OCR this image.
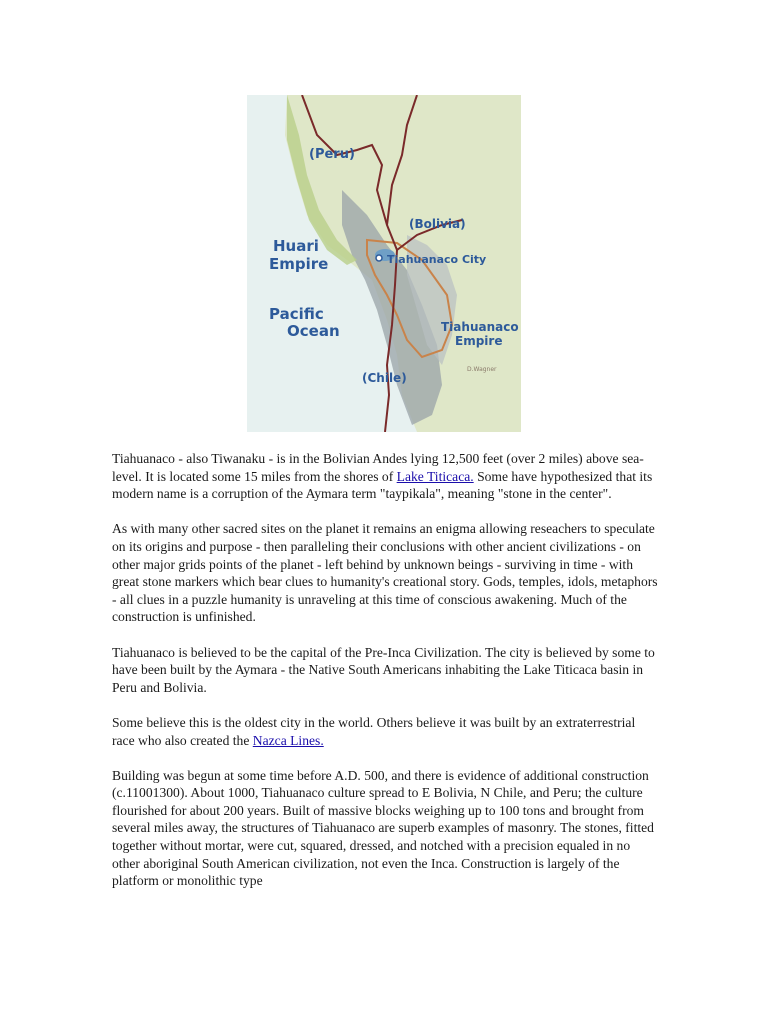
(Peru)
(Bolivia)
Huari
Empire	Tiahuanaco City
Pacific
Ocean	Tiahuanaco
Empire
(Chile)
D.Wagner

Tiahuanaco - also Tiwanaku - is in the Bolivian Andes lying 12,500 feet (over 2 miles) above sea-level. It is located some 15 miles from the shores of Lake Titicaca. Some have hypothesized that its modern name is a corruption of the Aymara term "taypikala", meaning "stone in the center".

As with many other sacred sites on the planet it remains an enigma allowing reseachers to speculate on its origins and purpose - then paralleling their conclusions with other ancient civilizations - on other major grids points of the planet - left behind by unknown beings - surviving in time - with great stone markers which bear clues to humanity's creational story. Gods, temples, idols, metaphors - all clues in a puzzle humanity is unraveling at this time of conscious awakening. Much of the construction is unfinished.

Tiahuanaco is believed to be the capital of the Pre-Inca Civilization. The city is believed by some to have been built by the Aymara - the Native South Americans inhabiting the Lake Titicaca basin in Peru and Bolivia.

Some believe this is the oldest city in the world. Others believe it was built by an extraterrestrial race who also created the Nazca Lines.

Building was begun at some time before A.D. 500, and there is evidence of additional construction (c.11001300). About 1000, Tiahuanaco culture spread to E Bolivia, N Chile, and Peru; the culture flourished for about 200 years. Built of massive blocks weighing up to 100 tons and brought from several miles away, the structures of Tiahuanaco are superb examples of masonry. The stones, fitted together without mortar, were cut, squared, dressed, and notched with a precision equaled in no other aboriginal South American civilization, not even the Inca. Construction is largely of the platform or monolithic type
